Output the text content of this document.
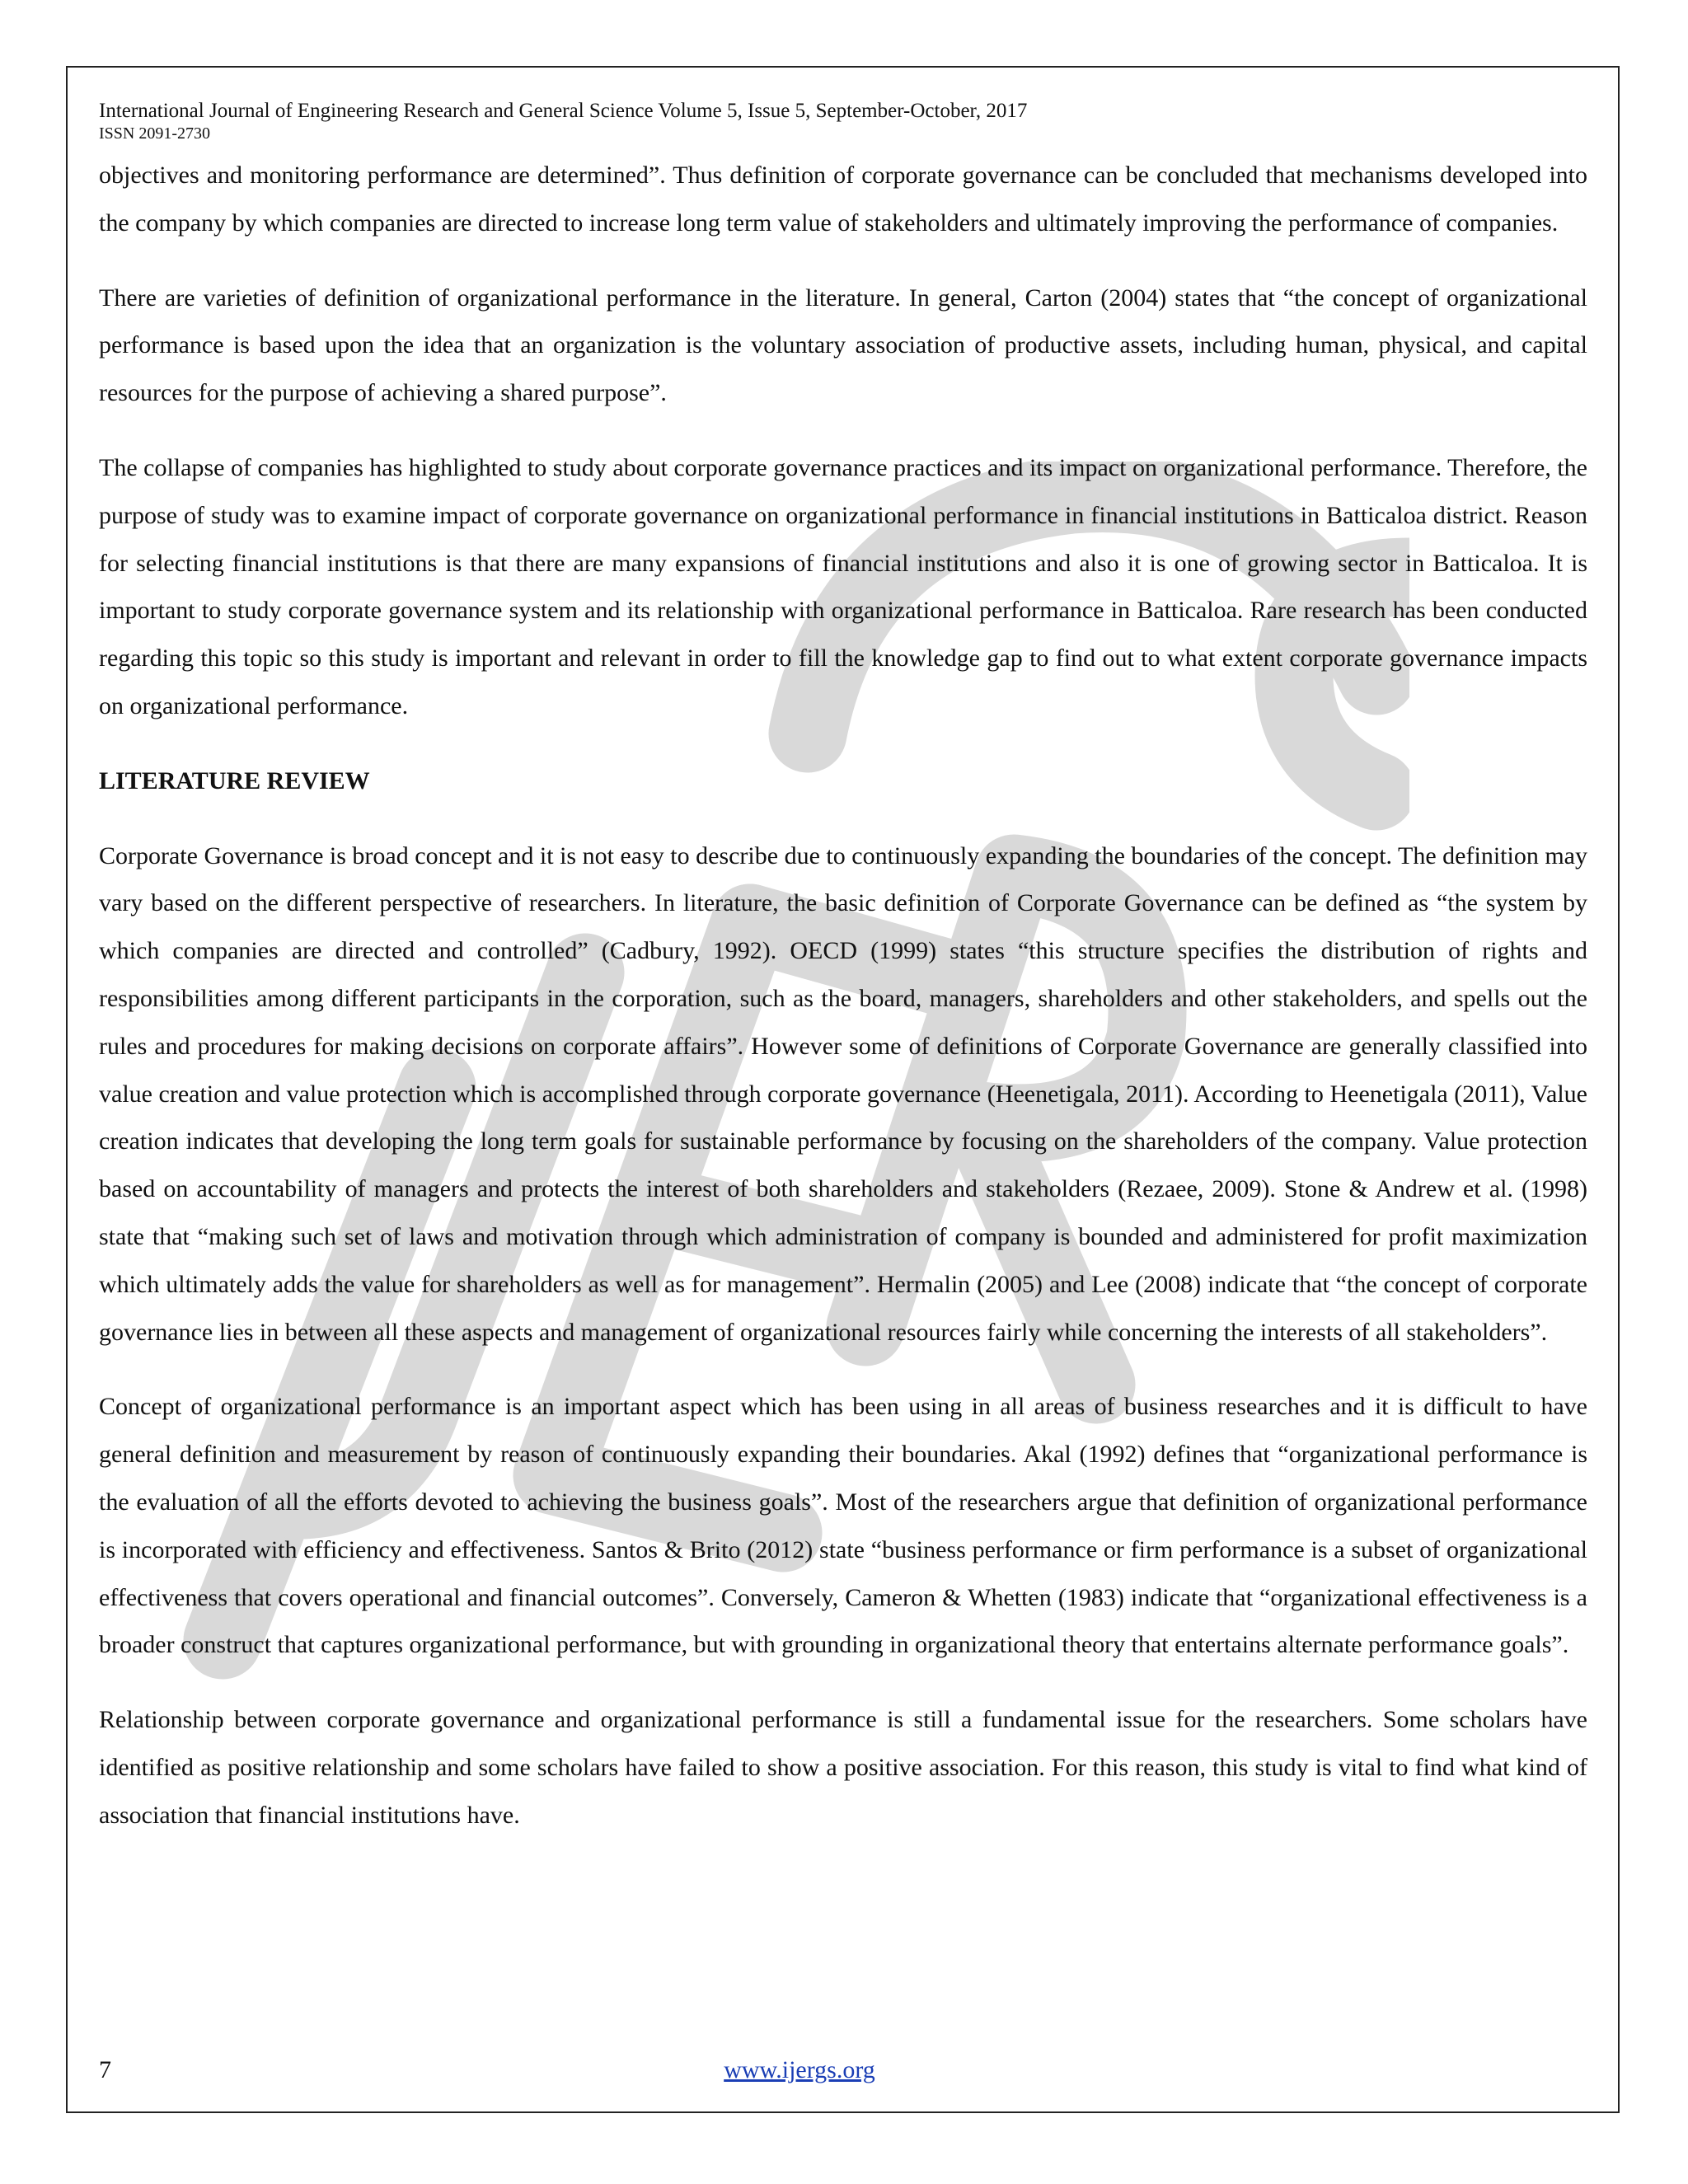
International Journal of Engineering Research and General Science Volume 5, Issue 5, September-October, 2017
ISSN 2091-2730

objectives and monitoring performance are determined”. Thus definition of corporate governance can be concluded that mechanisms developed into the company by which companies are directed to increase long term value of stakeholders and ultimately improving the performance of companies.

There are varieties of definition of organizational performance in the literature. In general, Carton (2004) states that “the concept of organizational performance is based upon the idea that an organization is the voluntary association of productive assets, including human, physical, and capital resources for the purpose of achieving a shared purpose”.

The collapse of companies has highlighted to study about corporate governance practices and its impact on organizational performance. Therefore, the purpose of study was to examine impact of corporate governance on organizational performance in financial institutions in Batticaloa district. Reason for selecting financial institutions is that there are many expansions of financial institutions and also it is one of growing sector in Batticaloa. It is important to study corporate governance system and its relationship with organizational performance in Batticaloa. Rare research has been conducted regarding this topic so this study is important and relevant in order to fill the knowledge gap to find out to what extent corporate governance impacts on organizational performance.

LITERATURE REVIEW

Corporate Governance is broad concept and it is not easy to describe due to continuously expanding the boundaries of the concept. The definition may vary based on the different perspective of researchers. In literature, the basic definition of Corporate Governance can be defined as “the system by which companies are directed and controlled” (Cadbury, 1992). OECD (1999) states “this structure specifies the distribution of rights and responsibilities among different participants in the corporation, such as the board, managers, shareholders and other stakeholders, and spells out the rules and procedures for making decisions on corporate affairs”. However some of definitions of Corporate Governance are generally classified into value creation and value protection which is accomplished through corporate governance (Heenetigala, 2011). According to Heenetigala (2011), Value creation indicates that developing the long term goals for sustainable performance by focusing on the shareholders of the company. Value protection based on accountability of managers and protects the interest of both shareholders and stakeholders (Rezaee, 2009). Stone & Andrew et al. (1998) state that “making such set of laws and motivation through which administration of company is bounded and administered for profit maximization which ultimately adds the value for shareholders as well as for management”. Hermalin (2005) and Lee (2008) indicate that “the concept of corporate governance lies in between all these aspects and management of organizational resources fairly while concerning the interests of all stakeholders”.

Concept of organizational performance is an important aspect which has been using in all areas of business researches and it is difficult to have general definition and measurement by reason of continuously expanding their boundaries. Akal (1992) defines that “organizational performance is the evaluation of all the efforts devoted to achieving the business goals”. Most of the researchers argue that definition of organizational performance is incorporated with efficiency and effectiveness. Santos & Brito (2012) state “business performance or firm performance is a subset of organizational effectiveness that covers operational and financial outcomes”. Conversely, Cameron & Whetten (1983) indicate that “organizational effectiveness is a broader construct that captures organizational performance, but with grounding in organizational theory that entertains alternate performance goals”.

Relationship between corporate governance and organizational performance is still a fundamental issue for the researchers. Some scholars have identified as positive relationship and some scholars have failed to show a positive association. For this reason, this study is vital to find what kind of association that financial institutions have.

7	www.ijergs.org
